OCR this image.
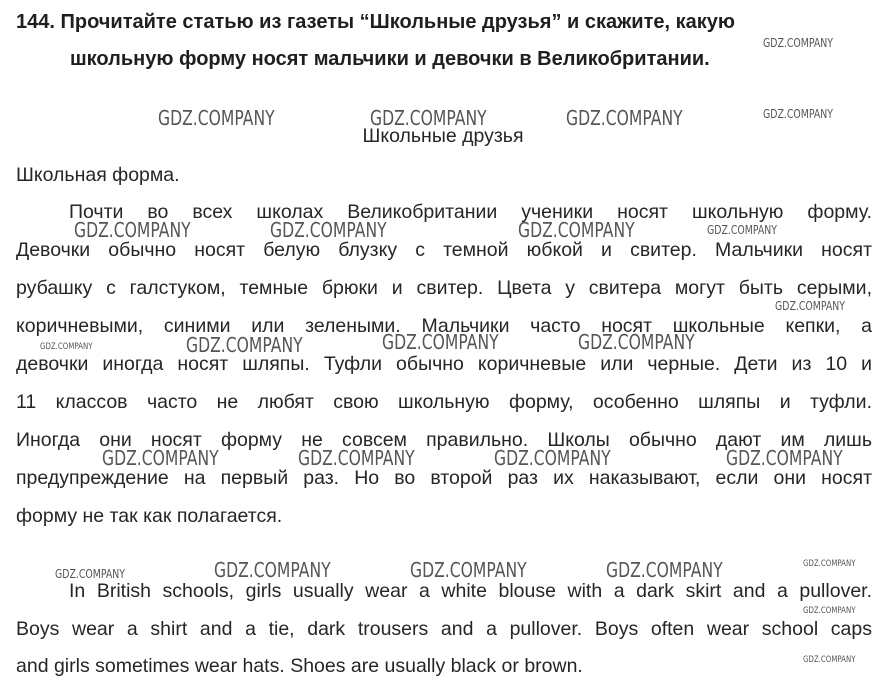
144. Прочитайте статью из газеты “Школьные друзья” и скажите, какую
школьную форму носят мальчики и девочки в Великобритании.
Школьные друзья
Школьная форма.
Почти во всех школах Великобритании ученики носят школьную форму.
Девочки обычно носят белую блузку с темной юбкой и свитер. Мальчики носят
рубашку с галстуком, темные брюки и свитер. Цвета у свитера могут быть серыми,
коричневыми, синими или зелеными. Мальчики часто носят школьные кепки, а
девочки иногда носят шляпы. Туфли обычно коричневые или черные. Дети из 10 и
11 классов часто не любят свою школьную форму, особенно шляпы и туфли.
Иногда они носят форму не совсем правильно. Школы обычно дают им лишь
предупреждение на первый раз. Но во второй раз их наказывают, если они носят
форму не так как полагается.
In British schools, girls usually wear a white blouse with a dark skirt and a pullover.
Boys wear a shirt and a tie, dark trousers and a pullover. Boys often wear school caps
and girls sometimes wear hats. Shoes are usually black or brown.
GDZ.COMPANY
GDZ.COMPANY	GDZ.COMPANY	GDZ.COMPANY	GDZ.COMPANY
GDZ.COMPANY	GDZ.COMPANY	GDZ.COMPANY	GDZ.COMPANY
GDZ.COMPANY
GDZ.COMPANY	GDZ.COMPANY	GDZ.COMPANY	GDZ.COMPANY
GDZ.COMPANY	GDZ.COMPANY	GDZ.COMPANY	GDZ.COMPANY
GDZ.COMPANY	GDZ.COMPANY	GDZ.COMPANY	GDZ.COMPANY	GDZ.COMPANY
GDZ.COMPANY
GDZ.COMPANY
